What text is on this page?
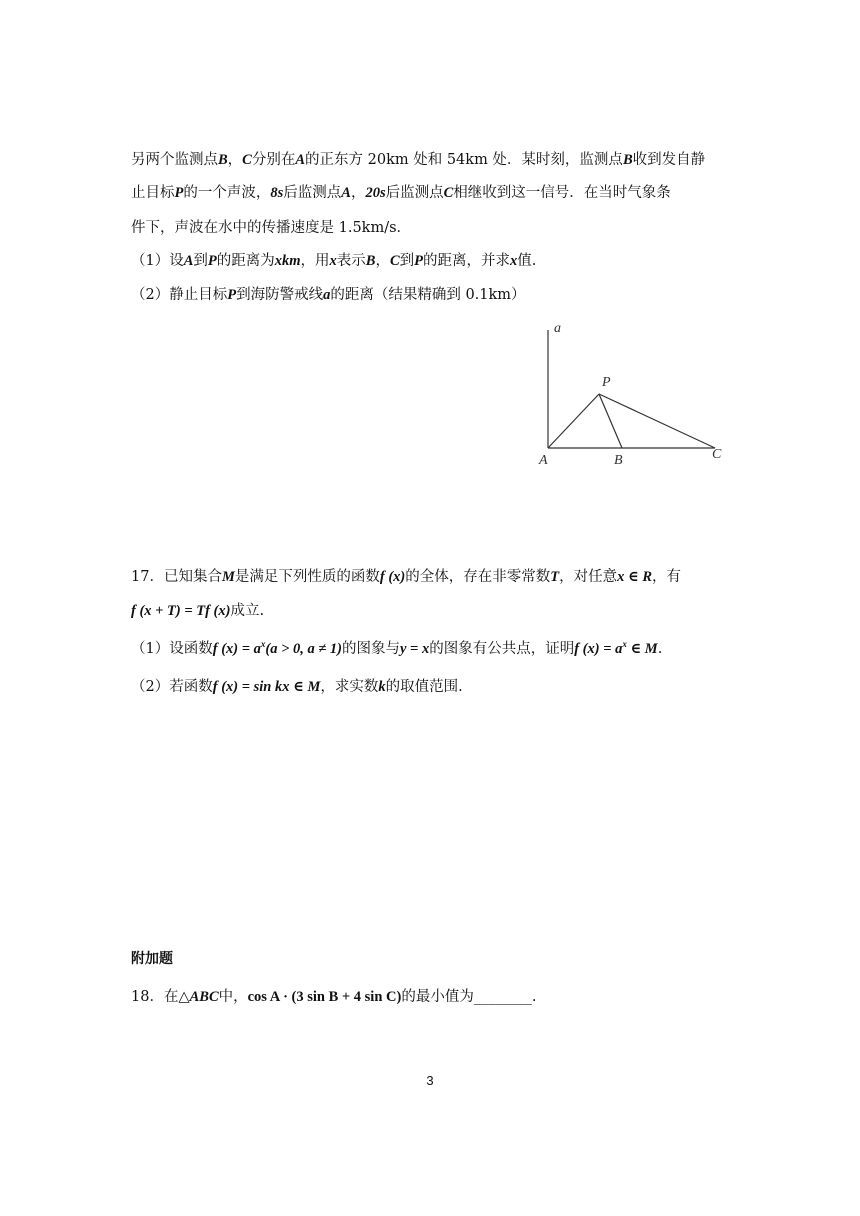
另两个监测点B，C分别在A的正东方 20km 处和 54km 处．某时刻，监测点B收到发自静
止目标P的一个声波，8s后监测点A，20s后监测点C相继收到这一信号．在当时气象条
件下，声波在水中的传播速度是 1.5km/s．
（1）设A到P的距离为xkm，用x表示B，C到P的距离，并求x值.
（2）静止目标P到海防警戒线a的距离（结果精确到 0.1km）
a
P
A	B	C
17．已知集合M是满足下列性质的函数f (x)的全体，存在非零常数T，对任意x ∈ R，有
f (x + T) = Tf (x)成立.
（1）设函数f $(x) = a^x(a > 0$, a ≠ 1)的图象与y = x的图象有公共点，证明f $(x) = a^x$ ∈ M.
（2）若函数f (x) = sin kx ∈ M，求实数k的取值范围.
附加题
18．在△ABC中，cos A · (3 sin B + 4 sin C)的最小值为________.
3
